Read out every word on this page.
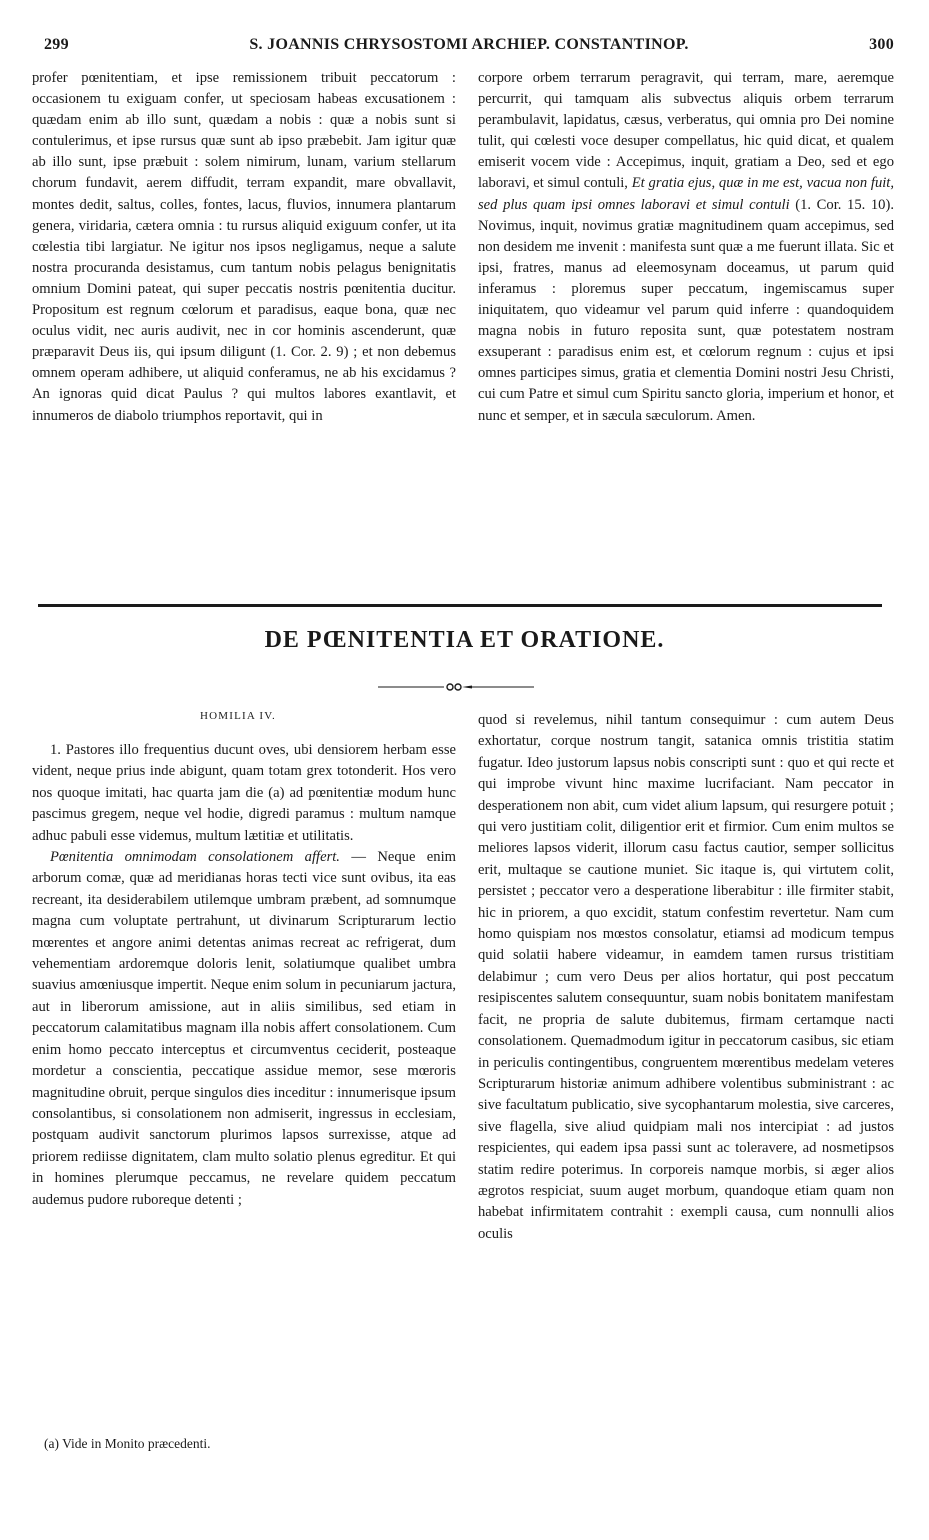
299	S. JOANNIS CHRYSOSTOMI ARCHIEP. CONSTANTINOP.	300

profer pœnitentiam, et ipse remissionem tribuit peccatorum : occasionem tu exiguam confer, ut speciosam habeas excusationem : quædam enim ab illo sunt, quædam a nobis : quæ a nobis sunt si contulerimus, et ipse rursus quæ sunt ab ipso præbebit. Jam igitur quæ ab illo sunt, ipse præbuit : solem nimirum, lunam, varium stellarum chorum fundavit, aerem diffudit, terram expandit, mare obvallavit, montes dedit, saltus, colles, fontes, lacus, fluvios, innumera plantarum genera, viridaria, cætera omnia : tu rursus aliquid exiguum confer, ut ita cœlestia tibi largiatur. Ne igitur nos ipsos negligamus, neque a salute nostra procuranda desistamus, cum tantum nobis pelagus benignitatis omnium Domini pateat, qui super peccatis nostris pœnitentia ducitur. Propositum est regnum cœlorum et paradisus, eaque bona, quæ nec oculus vidit, nec auris audivit, nec in cor hominis ascenderunt, quæ præparavit Deus iis, qui ipsum diligunt (1. Cor. 2. 9) ; et non debemus omnem operam adhibere, ut aliquid conferamus, ne ab his excidamus ? An ignoras quid dicat Paulus ? qui multos labores exantlavit, et innumeros de diabolo triumphos reportavit, qui in

corpore orbem terrarum peragravit, qui terram, mare, aeremque percurrit, qui tamquam alis subvectus aliquis orbem terrarum perambulavit, lapidatus, cæsus, verberatus, qui omnia pro Dei nomine tulit, qui cœlesti voce desuper compellatus, hic quid dicat, et qualem emiserit vocem vide : Accepimus, inquit, gratiam a Deo, sed et ego laboravi, et simul contuli, Et gratia ejus, quæ in me est, vacua non fuit, sed plus quam ipsi omnes laboravi et simul contuli (1. Cor. 15. 10). Novimus, inquit, novimus gratiæ magnitudinem quam accepimus, sed non desidem me invenit : manifesta sunt quæ a me fuerunt illata. Sic et ipsi, fratres, manus ad eleemosynam doceamus, ut parum quid inferamus : ploremus super peccatum, ingemiscamus super iniquitatem, quo videamur vel parum quid inferre : quandoquidem magna nobis in futuro reposita sunt, quæ potestatem nostram exsuperant : paradisus enim est, et cœlorum regnum : cujus et ipsi omnes participes simus, gratia et clementia Domini nostri Jesu Christi, cui cum Patre et simul cum Spiritu sancto gloria, imperium et honor, et nunc et semper, et in sæcula sæculorum. Amen.

DE PŒNITENTIA ET ORATIONE.
HOMILIA IV.

1. Pastores illo frequentius ducunt oves, ubi densiorem herbam esse vident, neque prius inde abigunt, quam totam grex totonderit. Hos vero nos quoque imitati, hac quarta jam die (a) ad pœnitentiæ modum hunc pascimus gregem, neque vel hodie, digredi paramus : multum namque adhuc pabuli esse videmus, multum lætitiæ et utilitatis.

Pœnitentia omnimodam consolationem affert. — Neque enim arborum comæ, quæ ad meridianas horas tecti vice sunt ovibus, ita eas recreant, ita desiderabilem utilemque umbram præbent, ad somnumque magna cum voluptate pertrahunt, ut divinarum Scripturarum lectio mœrentes et angore animi detentas animas recreat ac refrigerat, dum vehementiam ardoremque doloris lenit, solatiumque qualibet umbra suavius amœniusque impertit. Neque enim solum in pecuniarum jactura, aut in liberorum amissione, aut in aliis similibus, sed etiam in peccatorum calamitatibus magnam illa nobis affert consolationem. Cum enim homo peccato interceptus et circumventus ceciderit, posteaque mordetur a conscientia, peccatique assidue memor, sese mœroris magnitudine obruit, perque singulos dies inceditur : innumerisque ipsum consolantibus, si consolationem non admiserit, ingressus in ecclesiam, postquam audivit sanctorum plurimos lapsos surrexisse, atque ad priorem rediisse dignitatem, clam multo solatio plenus egreditur. Et qui in homines plerumque peccamus, ne revelare quidem peccatum audemus pudore ruboreque detenti ;

quod si revelemus, nihil tantum consequimur : cum autem Deus exhortatur, corque nostrum tangit, satanica omnis tristitia statim fugatur. Ideo justorum lapsus nobis conscripti sunt : quo et qui recte et qui improbe vivunt hinc maxime lucrifaciant. Nam peccator in desperationem non abit, cum videt alium lapsum, qui resurgere potuit ; qui vero justitiam colit, diligentior erit et firmior. Cum enim multos se meliores lapsos viderit, illorum casu factus cautior, semper sollicitus erit, multaque se cautione muniet. Sic itaque is, qui virtutem colit, persistet ; peccator vero a desperatione liberabitur : ille firmiter stabit, hic in priorem, a quo excidit, statum confestim revertetur. Nam cum homo quispiam nos mœstos consolatur, etiamsi ad modicum tempus quid solatii habere videamur, in eamdem tamen rursus tristitiam delabimur ; cum vero Deus per alios hortatur, qui post peccatum resipiscentes salutem consequuntur, suam nobis bonitatem manifestam facit, ne propria de salute dubitemus, firmam certamque nacti consolationem. Quemadmodum igitur in peccatorum casibus, sic etiam in periculis contingentibus, congruentem mœrentibus medelam veteres Scripturarum historiæ animum adhibere volentibus subministrant : ac sive facultatum publicatio, sive sycophantarum molestia, sive carceres, sive flagella, sive aliud quidpiam mali nos intercipiat : ad justos respicientes, qui eadem ipsa passi sunt ac toleravere, ad nosmetipsos statim redire poterimus. In corporeis namque morbis, si æger alios ægrotos respiciat, suum auget morbum, quandoque etiam quam non habebat infirmitatem contrahit : exempli causa, cum nonnulli alios oculis

(a) Vide in Monito præcedenti.
